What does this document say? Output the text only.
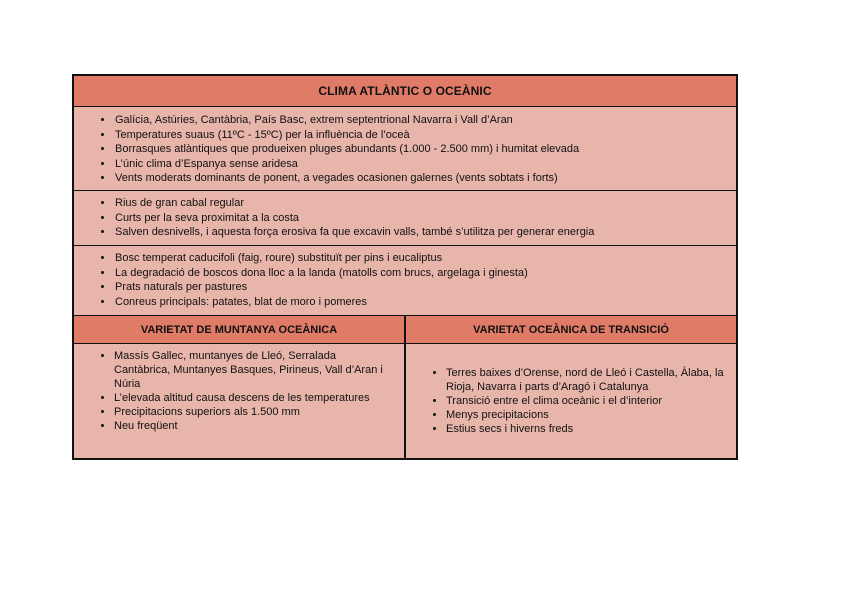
CLIMA ATLÀNTIC O OCEÀNIC
• Galícia, Astúries, Cantàbria, País Basc, extrem septentrional Navarra i Vall d’Aran
• Temperatures suaus (11ºC - 15ºC) per la influència de l’oceà
• Borrasques atlàntiques que produeixen pluges abundants (1.000 - 2.500 mm) i humitat elevada
• L’únic clima d’Espanya sense aridesa
• Vents moderats dominants de ponent, a vegades ocasionen galernes (vents sobtats i forts)
• Rius de gran cabal regular
• Curts per la seva proximitat a la costa
• Salven desnivells, i aquesta força erosiva fa que excavin valls, també s’utilitza per generar energia
• Bosc temperat caducifoli (faig, roure) substituït per pins i eucaliptus
• La degradació de boscos dona lloc a la landa (matolls com brucs, argelaga i ginesta)
• Prats naturals per pastures
• Conreus principals: patates, blat de moro i pomeres
VARIETAT DE MUNTANYA OCEÀNICA	VARIETAT OCEÀNICA DE TRANSICIÓ
• Massís Gallec, muntanyes de Lleó, Serralada Cantàbrica, Muntanyes Basques, Pirineus, Vall d’Aran i Núria
• L’elevada altitud causa descens de les temperatures
• Precipitacions superiors als 1.500 mm
• Neu freqüent
• Terres baixes d’Orense, nord de Lleó i Castella, Àlaba, la Rioja, Navarra i parts d’Aragó i Catalunya
• Transició entre el clima oceànic i el d’interior
• Menys precipitacions
• Estius secs i hiverns freds
